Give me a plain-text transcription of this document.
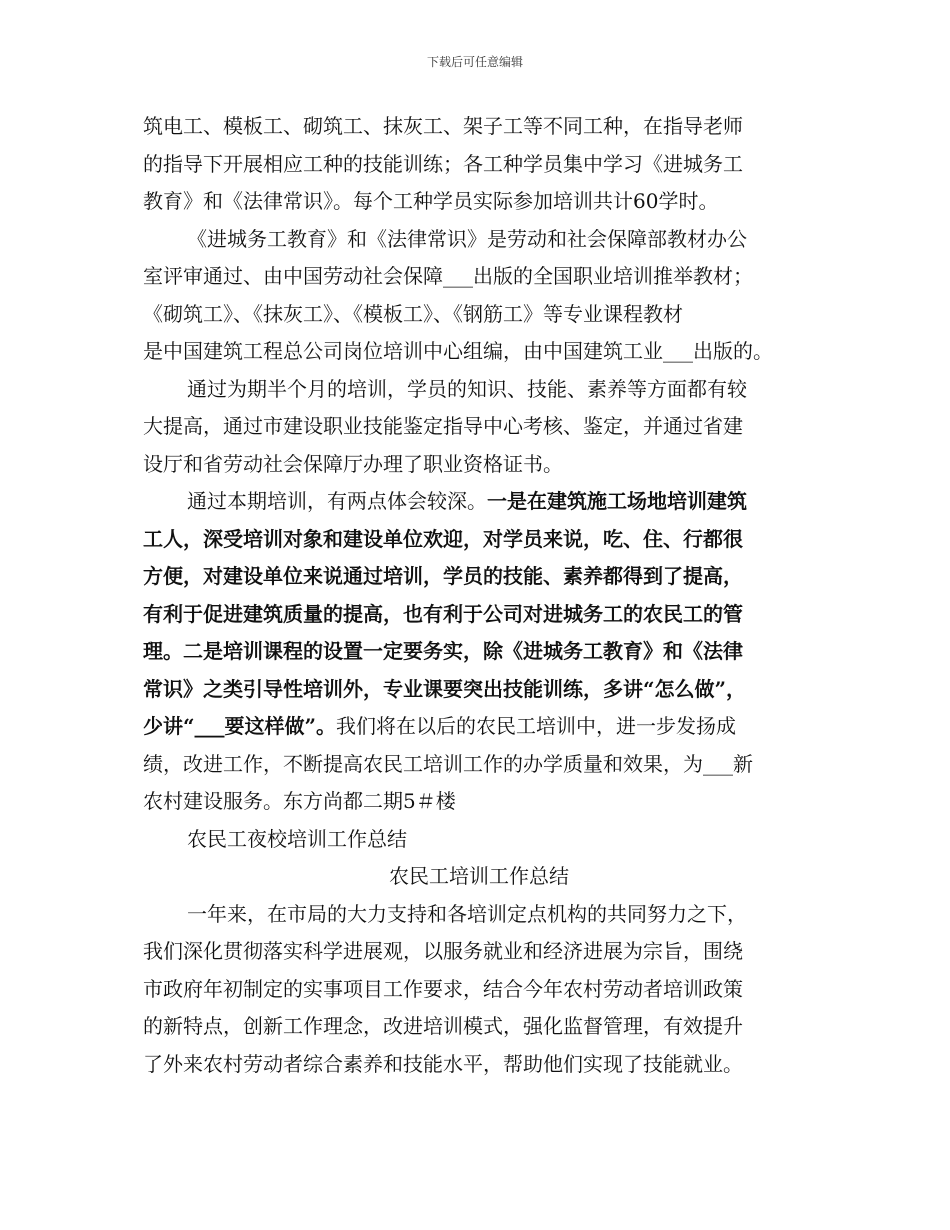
下载后可任意编辑
筑电工、模板工、砌筑工、抹灰工、架子工等不同工种，在指导老师
的指导下开展相应工种的技能训练；各工种学员集中学习《进城务工
教育》和《法律常识》。每个工种学员实际参加培训共计60学时。
《进城务工教育》和《法律常识》是劳动和社会保障部教材办公
室评审通过、由中国劳动社会保障___出版的全国职业培训推举教材；
《砌筑工》、《抹灰工》、《模板工》、《钢筋工》等专业课程教材
是中国建筑工程总公司岗位培训中心组编，由中国建筑工业___出版的。
通过为期半个月的培训，学员的知识、技能、素养等方面都有较
大提高，通过市建设职业技能鉴定指导中心考核、鉴定，并通过省建
设厅和省劳动社会保障厅办理了职业资格证书。
通过本期培训，有两点体会较深。一是在建筑施工场地培训建筑
工人，深受培训对象和建设单位欢迎，对学员来说，吃、住、行都很
方便，对建设单位来说通过培训，学员的技能、素养都得到了提高，
有利于促进建筑质量的提高，也有利于公司对进城务工的农民工的管
理。二是培训课程的设置一定要务实，除《进城务工教育》和《法律
常识》之类引导性培训外，专业课要突出技能训练，多讲“怎么做”，
少讲“___要这样做”。我们将在以后的农民工培训中，进一步发扬成
绩，改进工作，不断提高农民工培训工作的办学质量和效果，为___新
农村建设服务。东方尚都二期5＃楼
农民工夜校培训工作总结
农民工培训工作总结
一年来，在市局的大力支持和各培训定点机构的共同努力之下，
我们深化贯彻落实科学进展观，以服务就业和经济进展为宗旨，围绕
市政府年初制定的实事项目工作要求，结合今年农村劳动者培训政策
的新特点，创新工作理念，改进培训模式，强化监督管理，有效提升
了外来农村劳动者综合素养和技能水平，帮助他们实现了技能就业。
